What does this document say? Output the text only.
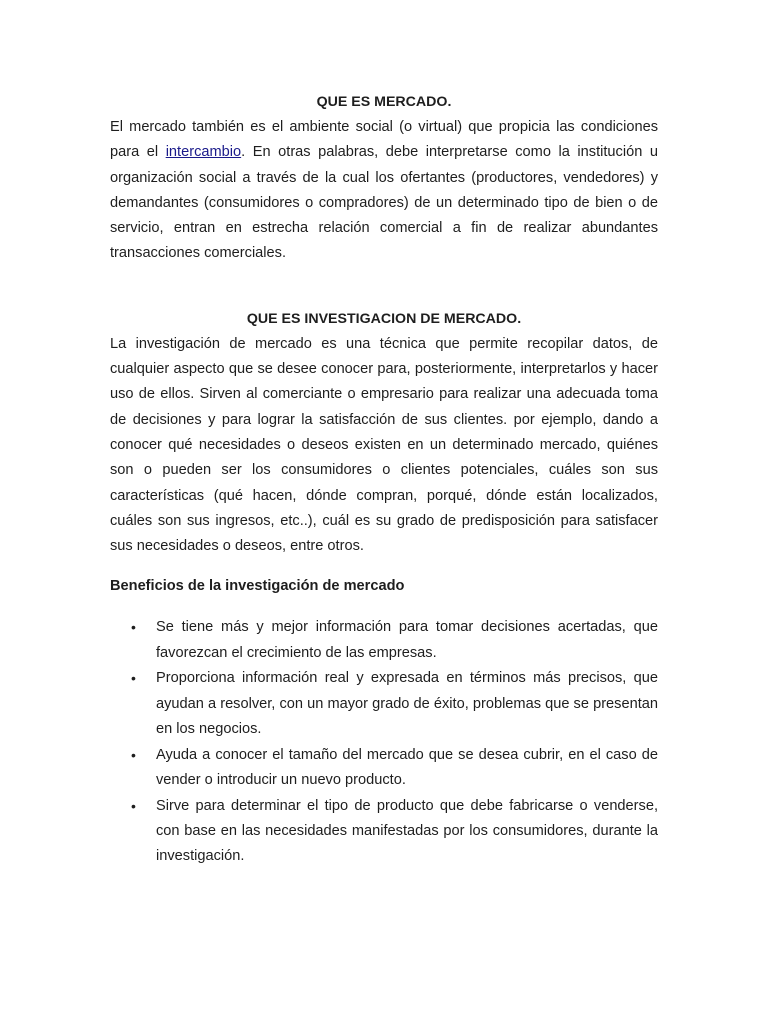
QUE ES MERCADO.

El mercado también es el ambiente social (o virtual) que propicia las condiciones para el intercambio. En otras palabras, debe interpretarse como la institución u organización social a través de la cual los ofertantes (productores, vendedores) y demandantes (consumidores o compradores) de un determinado tipo de bien o de servicio, entran en estrecha relación comercial a fin de realizar abundantes transacciones comerciales.

QUE ES INVESTIGACION DE MERCADO.

La investigación de mercado es una técnica que permite recopilar datos, de cualquier aspecto que se desee conocer para, posteriormente, interpretarlos y hacer uso de ellos. Sirven al comerciante o empresario para realizar una adecuada toma de decisiones y para lograr la satisfacción de sus clientes. por ejemplo, dando a conocer qué necesidades o deseos existen en un determinado mercado, quiénes son o pueden ser los consumidores o clientes potenciales, cuáles son sus características (qué hacen, dónde compran, porqué, dónde están localizados, cuáles son sus ingresos, etc..), cuál es su grado de predisposición para satisfacer sus necesidades o deseos, entre otros.

Beneficios de la investigación de mercado
• Se tiene más y mejor información para tomar decisiones acertadas, que favorezcan el crecimiento de las empresas.
• Proporciona información real y expresada en términos más precisos, que ayudan a resolver, con un mayor grado de éxito, problemas que se presentan en los negocios.
• Ayuda a conocer el tamaño del mercado que se desea cubrir, en el caso de vender o introducir un nuevo producto.
• Sirve para determinar el tipo de producto que debe fabricarse o venderse, con base en las necesidades manifestadas por los consumidores, durante la investigación.
